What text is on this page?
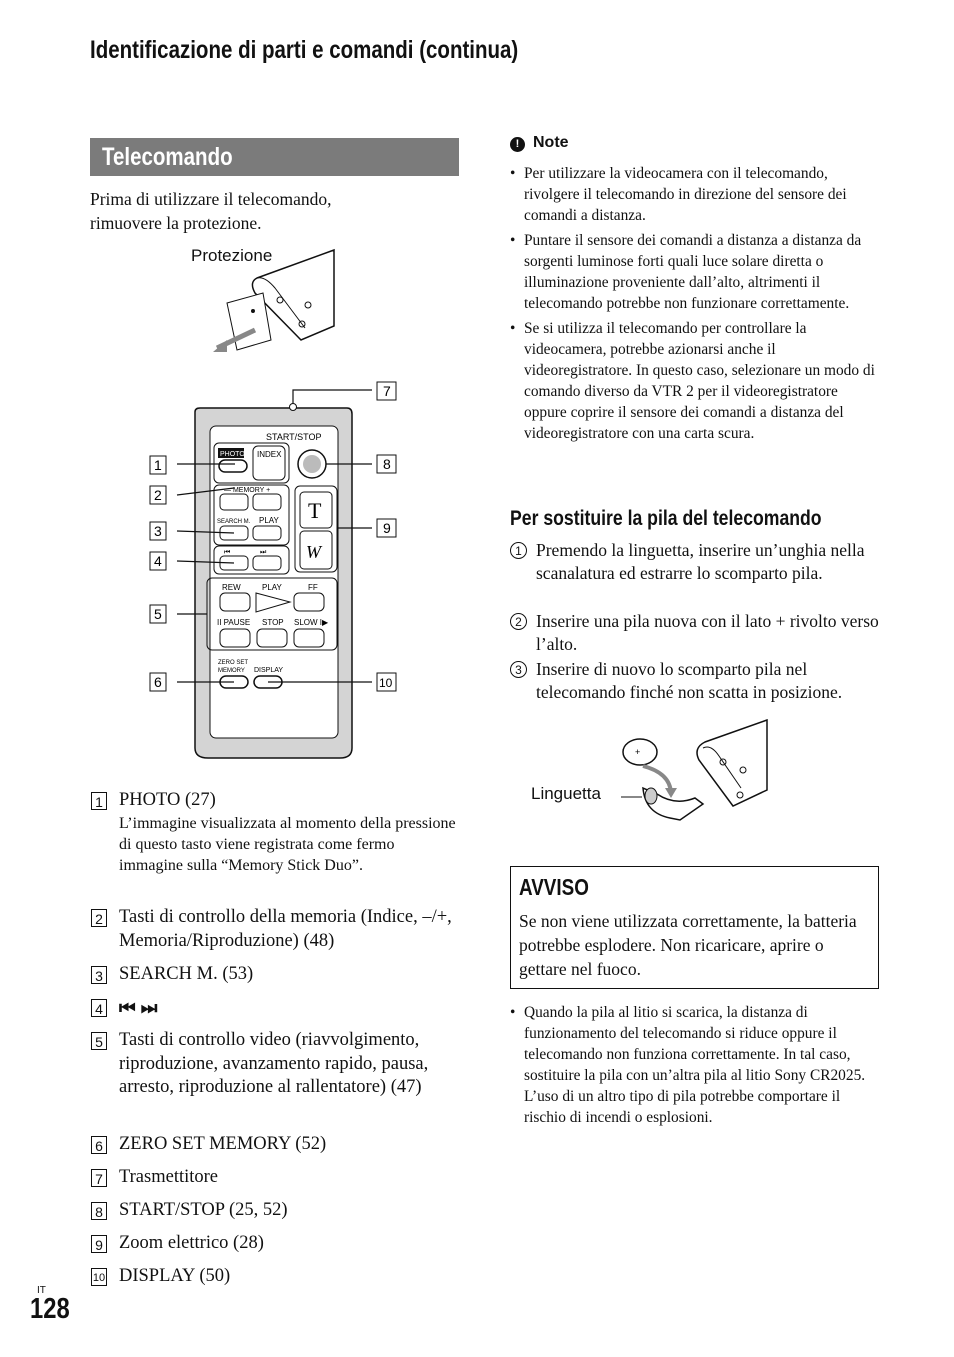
Identificazione di parti e comandi (continua)
Telecomando
Prima di utilizzare il telecomando,
rimuovere la protezione.
Protezione
START/STOP
PHOTO INDEX
— MEMORY +
SEARCH M. PLAY T
W
⏮	⏭
REW	PLAY	FF
II PAUSE STOP SLOW I▶
ZERO SET
MEMORY DISPLAY
1
2
3
4
5
6
7
8
9
10
1 PHOTO (27)
L’immagine visualizzata al momento della pressione di questo tasto viene registrata come fermo immagine sulla “Memory Stick Duo”.
2 Tasti di controllo della memoria (Indice, –/+, Memoria/Riproduzione) (48)
3 SEARCH M. (53)
4 ⏮ ⏭
5 Tasti di controllo video (riavvolgimento, riproduzione, avanzamento rapido, pausa, arresto, riproduzione al rallentatore) (47)
6 ZERO SET MEMORY (52)
7 Trasmettitore
8 START/STOP (25, 52)
9 Zoom elettrico (28)
10 DISPLAY (50)
! Note

• Per utilizzare la videocamera con il telecomando, rivolgere il telecomando in direzione del sensore dei comandi a distanza.

• Puntare il sensore dei comandi a distanza a distanza da sorgenti luminose forti quali luce solare diretta o illuminazione proveniente dall’alto, altrimenti il telecomando potrebbe non funzionare correttamente.

• Se si utilizza il telecomando per controllare la videocamera, potrebbe azionarsi anche il videoregistratore. In questo caso, selezionare un modo di comando diverso da VTR 2 per il videoregistratore oppure coprire il sensore dei comandi a distanza del videoregistratore con una carta scura.

Per sostituire la pila del telecomando
1 Premendo la linguetta, inserire un’unghia nella scanalatura ed estrarre lo scomparto pila.
2 Inserire una pila nuova con il lato + rivolto verso l’alto.
3 Inserire di nuovo lo scomparto pila nel telecomando finché non scatta in posizione.
Linguetta
+
AVVISO
Se non viene utilizzata correttamente, la batteria potrebbe esplodere. Non ricaricare, aprire o gettare nel fuoco.

• Quando la pila al litio si scarica, la distanza di funzionamento del telecomando si riduce oppure il telecomando non funziona correttamente. In tal caso, sostituire la pila con un’altra pila al litio Sony CR2025. L’uso di un altro tipo di pila potrebbe comportare il rischio di incendi o esplosioni.

IT
128
